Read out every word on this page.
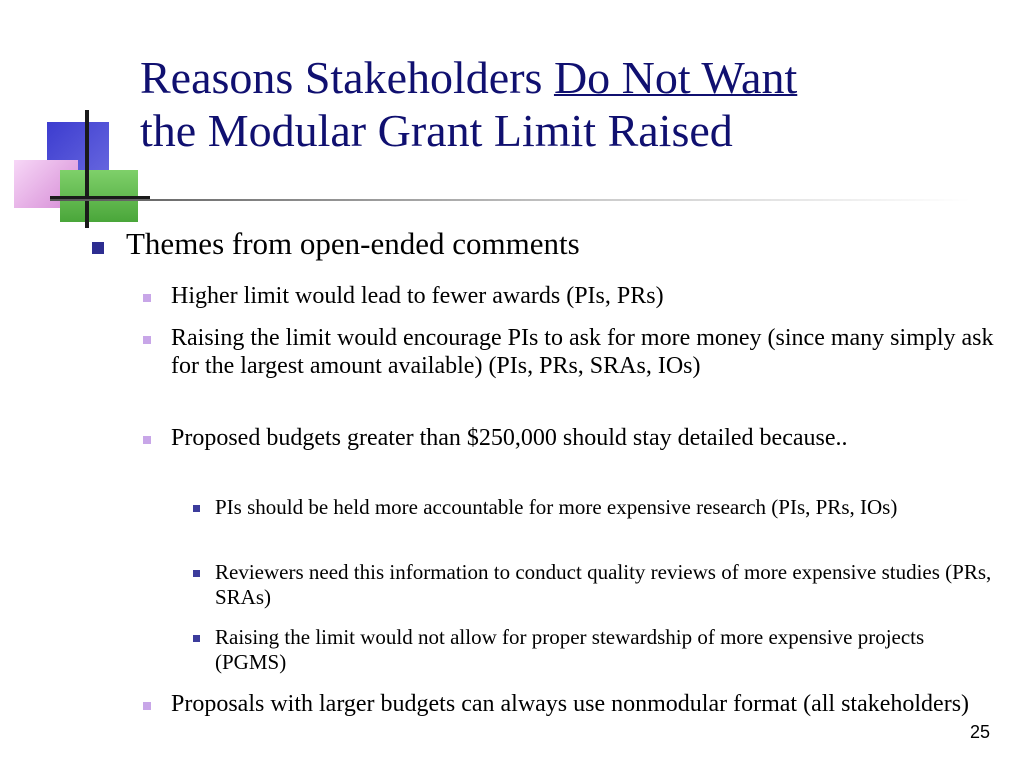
Reasons Stakeholders Do Not Want
the Modular Grant Limit Raised
Themes from open-ended comments
Higher limit would lead to fewer awards (PIs, PRs)
Raising the limit would encourage PIs to ask for more money (since many simply ask for the largest amount available) (PIs, PRs, SRAs, IOs)
Proposed budgets greater than $250,000 should stay detailed because..
PIs should be held more accountable for more expensive research (PIs, PRs, IOs)
Reviewers need this information to conduct quality reviews of more expensive studies (PRs, SRAs)
Raising the limit would not allow for proper stewardship of more expensive projects (PGMS)
Proposals with larger budgets can always use nonmodular format (all stakeholders)
25
